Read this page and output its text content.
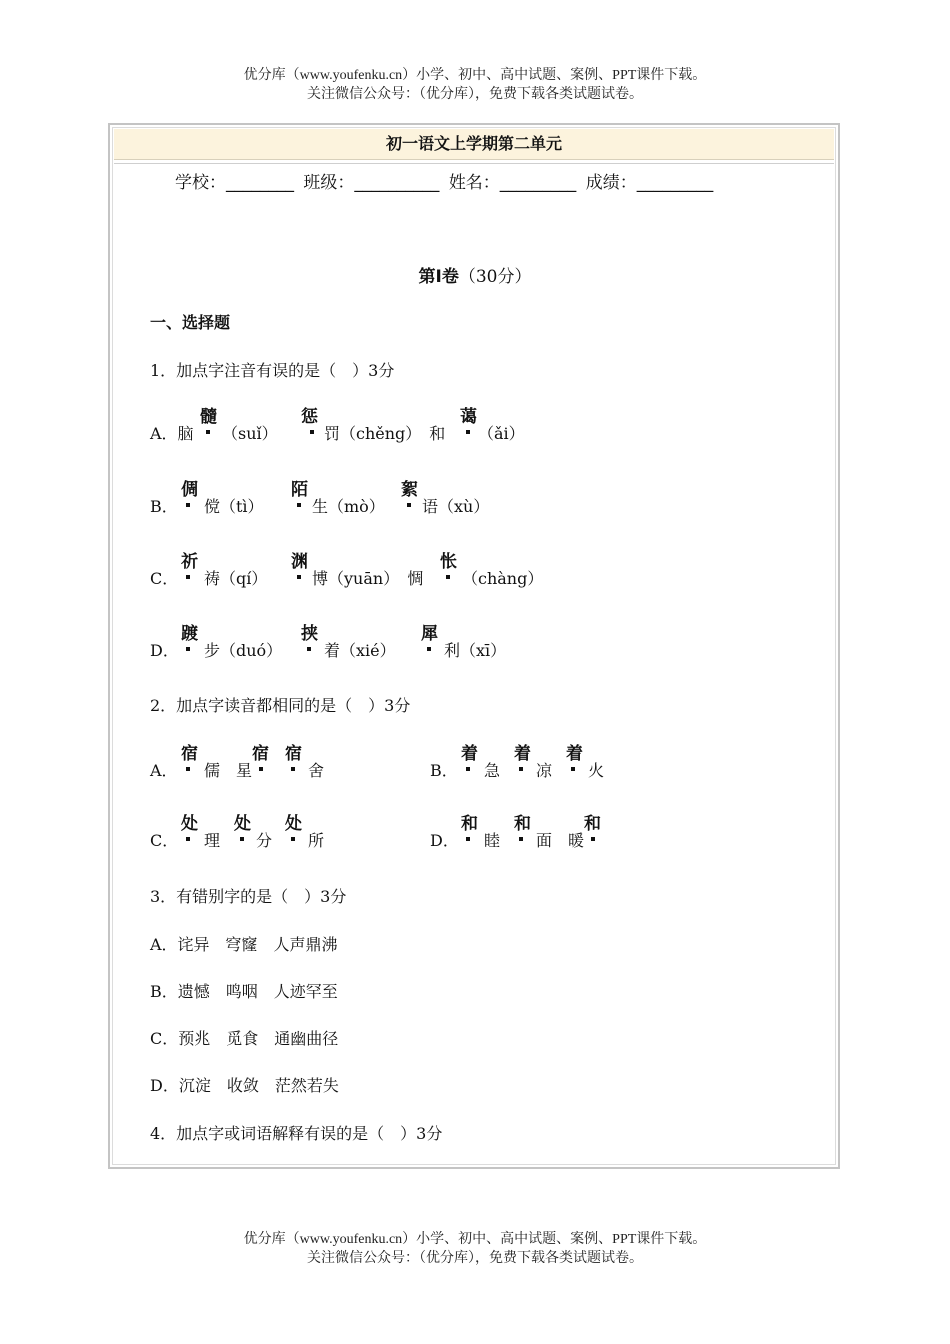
优分库（www.youfenku.cn）小学、初中、高中试题、案例、PPT课件下载。
关注微信公众号：（优分库），免费下载各类试题试卷。
初一语文上学期第二单元
学校：________ 班级：__________ 姓名：_________ 成绩：_________
第Ⅰ卷（30分）
一、选择题
1．加点字注音有误的是（　）3分
A．脑
髓
（suǐ）
惩
罚（chěng）　和
蔼
（ǎi）
B．
倜
傥（tì）
陌
生（mò）
絮
语（xù）
C．
祈
祷（qí）
渊
博（yuān）　惆
怅
（chàng）
D．
踱
步（duó）
挟
着（xié）
犀
利（xī）
2．加点字读音都相同的是（　）3分
A．
宿
儒　星
宿 宿
舍	B．
着
急
着
凉
着
火
C．
处
理
处
分
处
所	D．
和
睦
和
面　暖
和
3．有错别字的是（　）3分
A．诧异　穹窿　人声鼎沸
B．遗憾　鸣咽　人迹罕至
C．预兆　觅食　通幽曲径
D．沉淀　收敛　茫然若失
4．加点字或词语解释有误的是（　）3分
优分库（www.youfenku.cn）小学、初中、高中试题、案例、PPT课件下载。
关注微信公众号：（优分库），免费下载各类试题试卷。
